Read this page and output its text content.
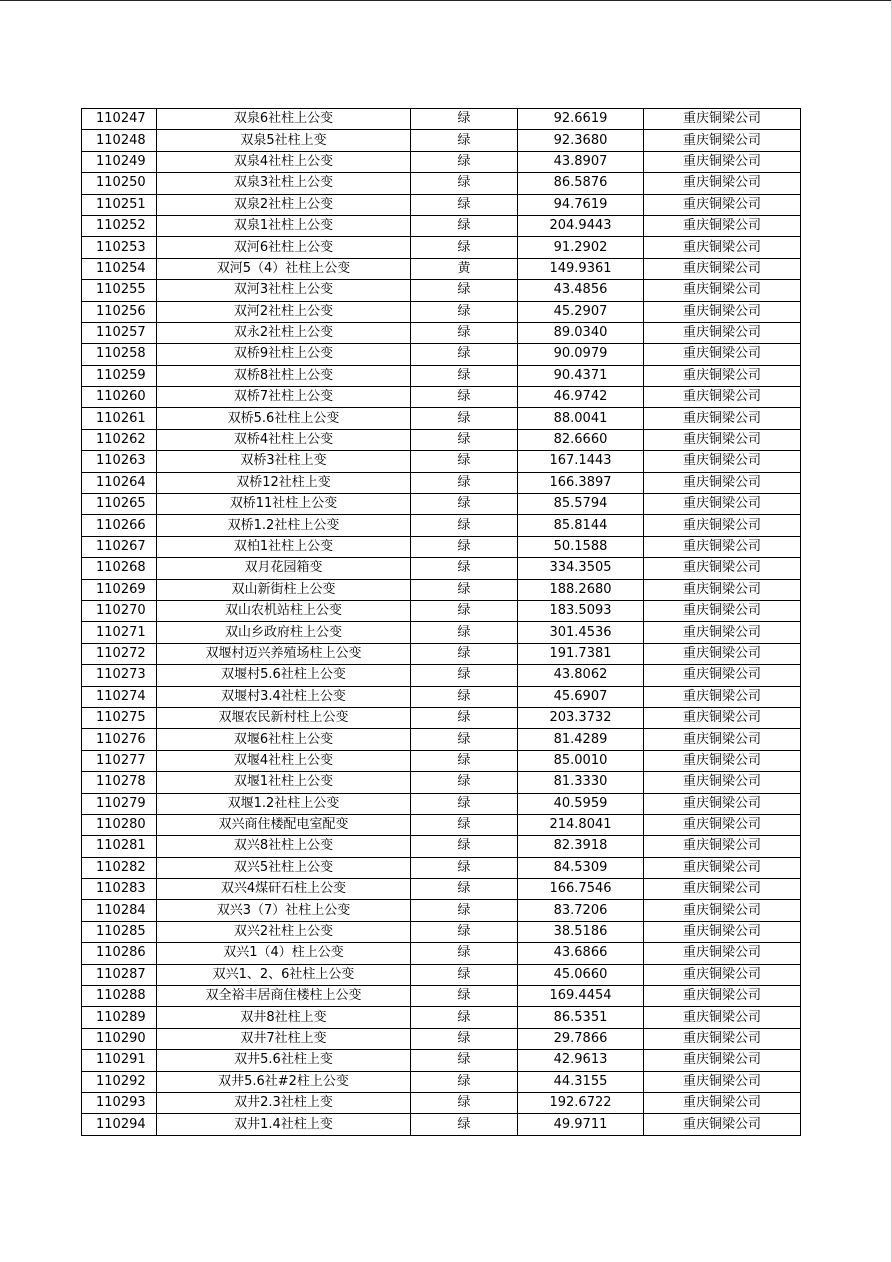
110247	双泉6社柱上公变	绿	92.6619	重庆铜梁公司
110248	双泉5社柱上变	绿	92.3680	重庆铜梁公司
110249	双泉4社柱上公变	绿	43.8907	重庆铜梁公司
110250	双泉3社柱上公变	绿	86.5876	重庆铜梁公司
110251	双泉2社柱上公变	绿	94.7619	重庆铜梁公司
110252	双泉1社柱上公变	绿	204.9443	重庆铜梁公司
110253	双河6社柱上公变	绿	91.2902	重庆铜梁公司
110254	双河5（4）社柱上公变	黄	149.9361	重庆铜梁公司
110255	双河3社柱上公变	绿	43.4856	重庆铜梁公司
110256	双河2社柱上公变	绿	45.2907	重庆铜梁公司
110257	双永2社柱上公变	绿	89.0340	重庆铜梁公司
110258	双桥9社柱上公变	绿	90.0979	重庆铜梁公司
110259	双桥8社柱上公变	绿	90.4371	重庆铜梁公司
110260	双桥7社柱上公变	绿	46.9742	重庆铜梁公司
110261	双桥5.6社柱上公变	绿	88.0041	重庆铜梁公司
110262	双桥4社柱上公变	绿	82.6660	重庆铜梁公司
110263	双桥3社柱上变	绿	167.1443	重庆铜梁公司
110264	双桥12社柱上变	绿	166.3897	重庆铜梁公司
110265	双桥11社柱上公变	绿	85.5794	重庆铜梁公司
110266	双桥1.2社柱上公变	绿	85.8144	重庆铜梁公司
110267	双柏1社柱上公变	绿	50.1588	重庆铜梁公司
110268	双月花园箱变	绿	334.3505	重庆铜梁公司
110269	双山新街柱上公变	绿	188.2680	重庆铜梁公司
110270	双山农机站柱上公变	绿	183.5093	重庆铜梁公司
110271	双山乡政府柱上公变	绿	301.4536	重庆铜梁公司
110272	双堰村迈兴养殖场柱上公变	绿	191.7381	重庆铜梁公司
110273	双堰村5.6社柱上公变	绿	43.8062	重庆铜梁公司
110274	双堰村3.4社柱上公变	绿	45.6907	重庆铜梁公司
110275	双堰农民新村柱上公变	绿	203.3732	重庆铜梁公司
110276	双堰6社柱上公变	绿	81.4289	重庆铜梁公司
110277	双堰4社柱上公变	绿	85.0010	重庆铜梁公司
110278	双堰1社柱上公变	绿	81.3330	重庆铜梁公司
110279	双堰1.2社柱上公变	绿	40.5959	重庆铜梁公司
110280	双兴商住楼配电室配变	绿	214.8041	重庆铜梁公司
110281	双兴8社柱上公变	绿	82.3918	重庆铜梁公司
110282	双兴5社柱上公变	绿	84.5309	重庆铜梁公司
110283	双兴4煤矸石柱上公变	绿	166.7546	重庆铜梁公司
110284	双兴3（7）社柱上公变	绿	83.7206	重庆铜梁公司
110285	双兴2社柱上公变	绿	38.5186	重庆铜梁公司
110286	双兴1（4）柱上公变	绿	43.6866	重庆铜梁公司
110287	双兴1、2、6社柱上公变	绿	45.0660	重庆铜梁公司
110288	双全裕丰居商住楼柱上公变	绿	169.4454	重庆铜梁公司
110289	双井8社柱上变	绿	86.5351	重庆铜梁公司
110290	双井7社柱上变	绿	29.7866	重庆铜梁公司
110291	双井5.6社柱上变	绿	42.9613	重庆铜梁公司
110292	双井5.6社#2柱上公变	绿	44.3155	重庆铜梁公司
110293	双井2.3社柱上变	绿	192.6722	重庆铜梁公司
110294	双井1.4社柱上变	绿	49.9711	重庆铜梁公司
